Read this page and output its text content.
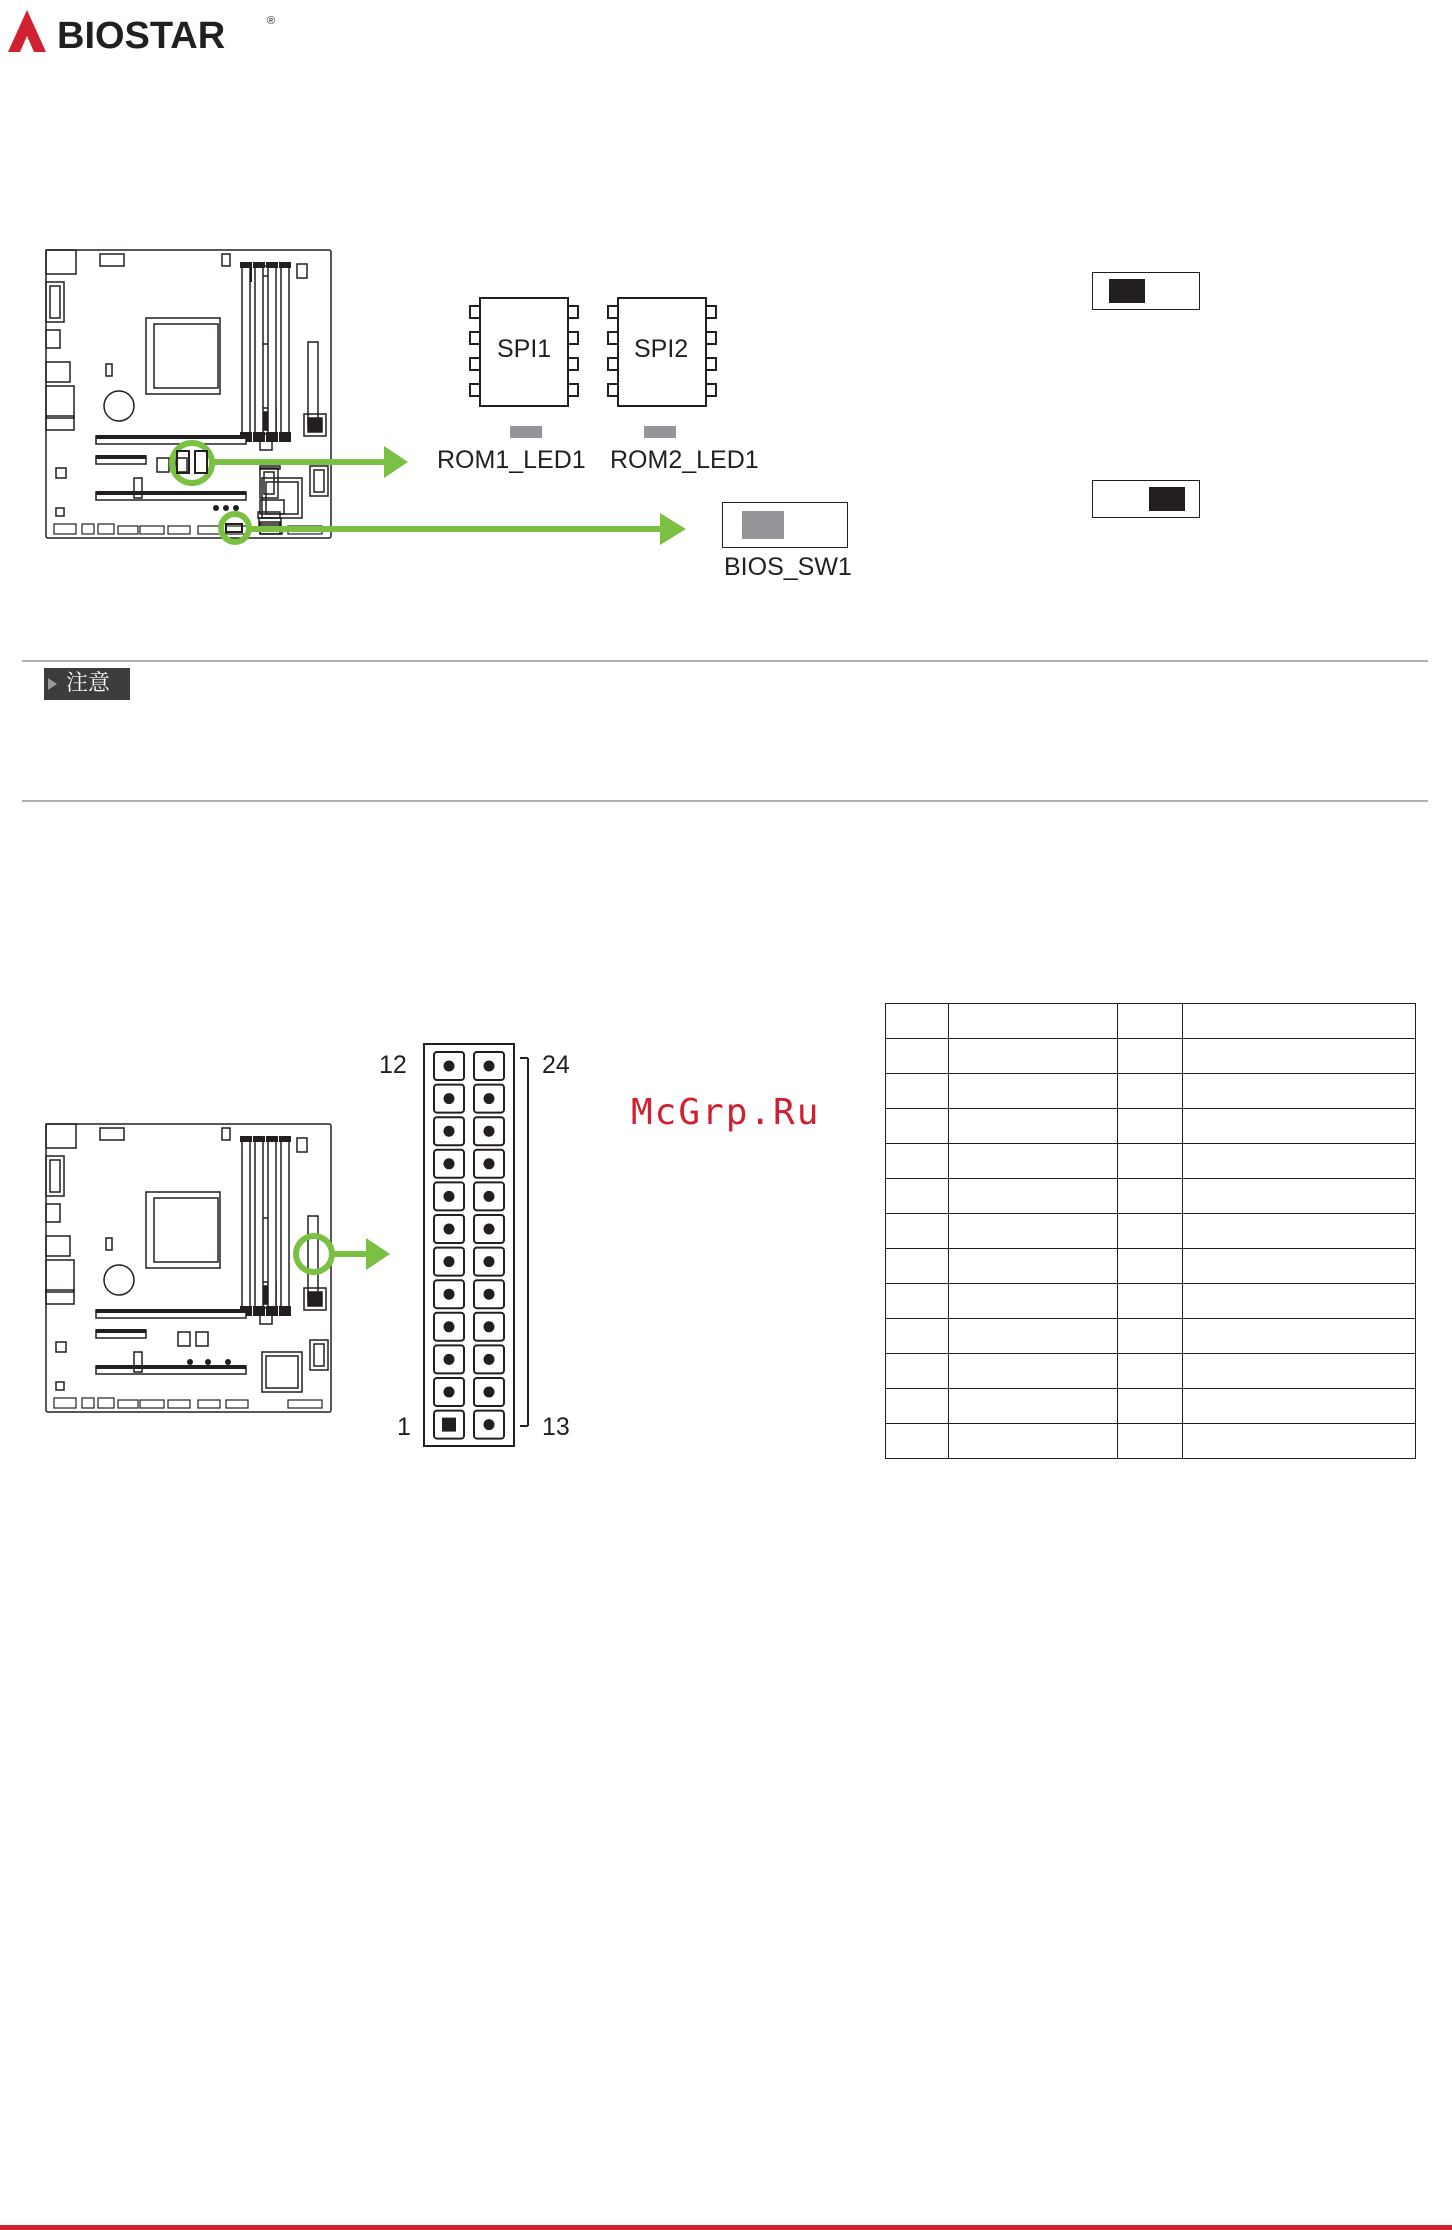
BIOSTAR	®
SPI1	SPI2
ROM1_LED1 ROM2_LED1
BIOS_SW1
注意
12	24
1	13
McGrp.Ru
